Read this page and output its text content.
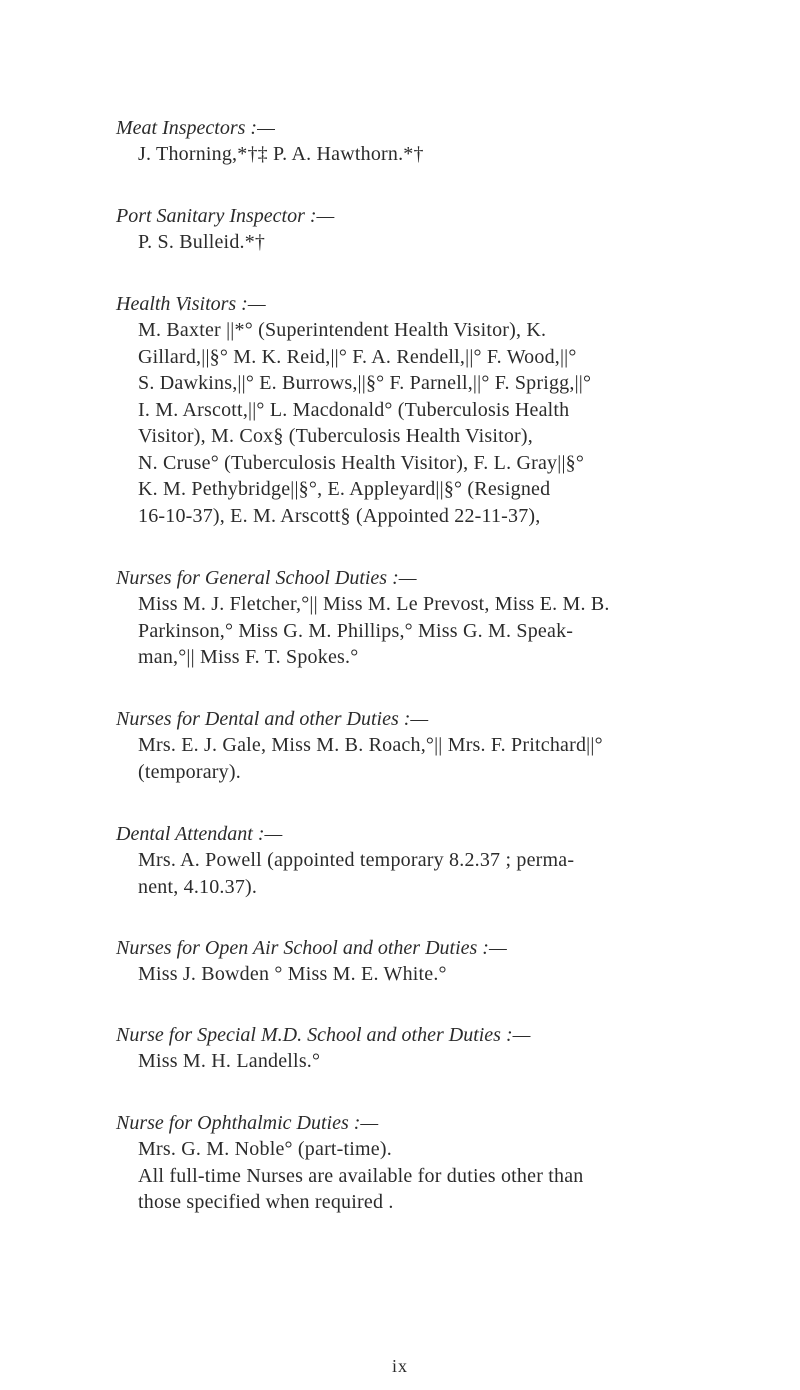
Meat Inspectors :—

J. Thorning,*†‡ P. A. Hawthorn.*†

Port Sanitary Inspector :—

P. S. Bulleid.*†

Health Visitors :—

M. Baxter ||*° (Superintendent Health Visitor), K.
Gillard,||§° M. K. Reid,||° F. A. Rendell,||° F. Wood,||°
S. Dawkins,||° E. Burrows,||§° F. Parnell,||° F. Sprigg,||°
I. M. Arscott,||° L. Macdonald° (Tuberculosis Health
Visitor), M. Cox§ (Tuberculosis Health Visitor),
N. Cruse° (Tuberculosis Health Visitor), F. L. Gray||§°
K. M. Pethybridge||§°, E. Appleyard||§° (Resigned
16-10-37), E. M. Arscott§ (Appointed 22-11-37),

Nurses for General School Duties :—

Miss M. J. Fletcher,°|| Miss M. Le Prevost, Miss E. M. B.
Parkinson,° Miss G. M. Phillips,° Miss G. M. Speak-
man,°|| Miss F. T. Spokes.°

Nurses for Dental and other Duties :—

Mrs. E. J. Gale, Miss M. B. Roach,°|| Mrs. F. Pritchard||°
(temporary).

Dental Attendant :—

Mrs. A. Powell (appointed temporary 8.2.37 ; perma-
nent, 4.10.37).

Nurses for Open Air School and other Duties :—

Miss J. Bowden ° Miss M. E. White.°

Nurse for Special M.D. School and other Duties :—

Miss M. H. Landells.°

Nurse for Ophthalmic Duties :—

Mrs. G. M. Noble° (part-time).
All full-time Nurses are available for duties other than
those specified when required .

ix
